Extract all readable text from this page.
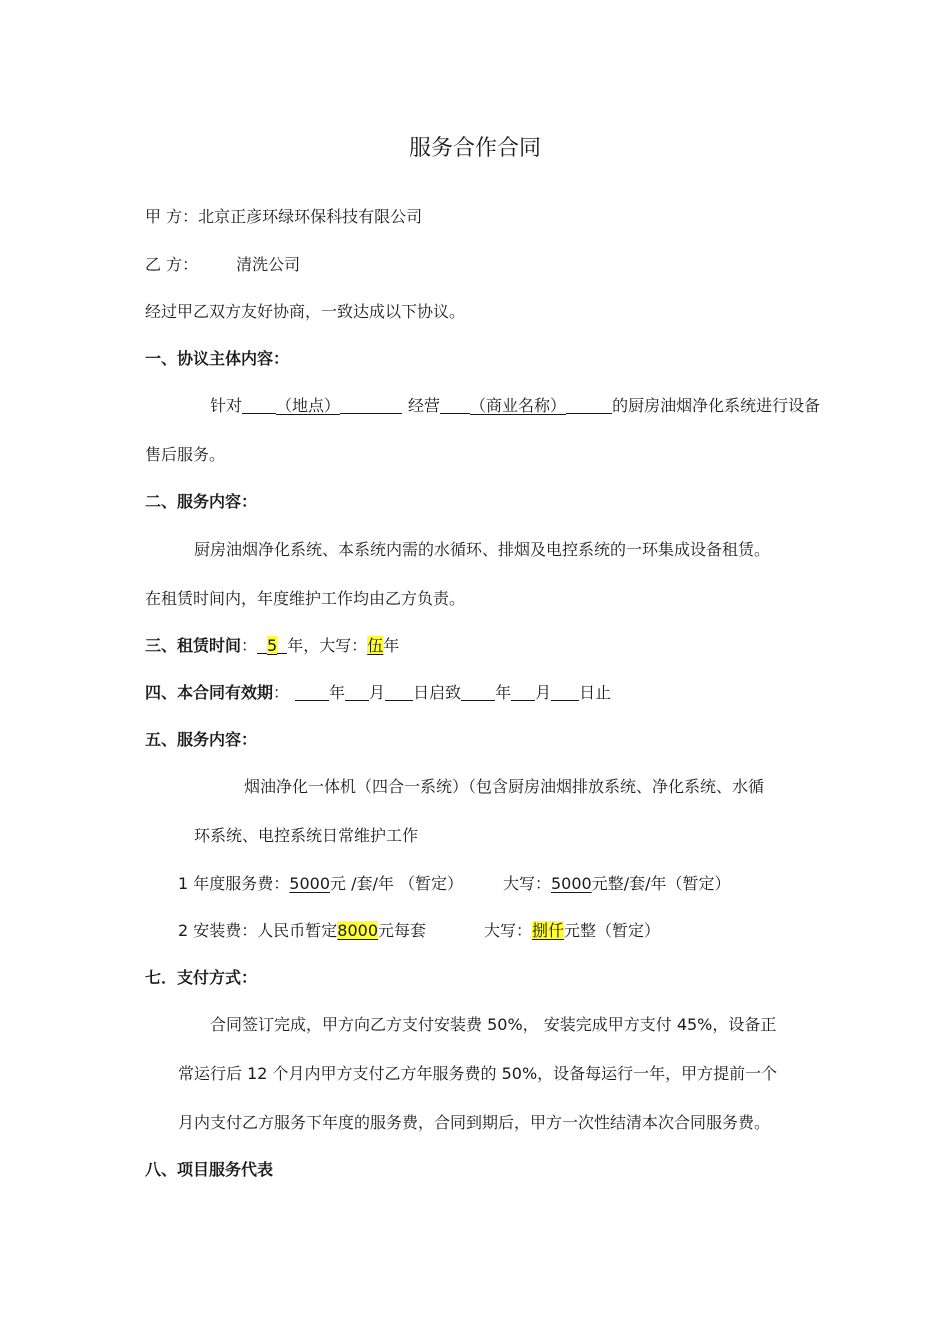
服务合作合同
甲 方：北京正彦环绿环保科技有限公司
乙 方： 清洗公司
经过甲乙双方友好协商，一致达成以下协议。
一、协议主体内容：
针对 （地点）	经营 （商业名称）	的厨房油烟净化系统进行设备
售后服务。
二、服务内容：
厨房油烟净化系统、本系统内需的水循环、排烟及电控系统的一环集成设备租赁。
在租赁时间内，年度维护工作均由乙方负责。
三、租赁时间： 5 年，大写：伍年
四、本合同有效期：	年 月 日启致 年 月 日止
五、服务内容：
烟油净化一体机（四合一系统）（包含厨房油烟排放系统、净化系统、水循
环系统、电控系统日常维护工作
1 年度服务费：5000元 /套/年 （暂定）	大写：5000元整/套/年（暂定）
2 安装费：人民币暂定8000元每套	大写：捌仟元整（暂定）
七．支付方式：
合同签订完成，甲方向乙方支付安装费 50%， 安装完成甲方支付 45%，设备正
常运行后 12 个月内甲方支付乙方年服务费的 50%，设备每运行一年，甲方提前一个
月内支付乙方服务下年度的服务费，合同到期后，甲方一次性结清本次合同服务费。
八、项目服务代表
